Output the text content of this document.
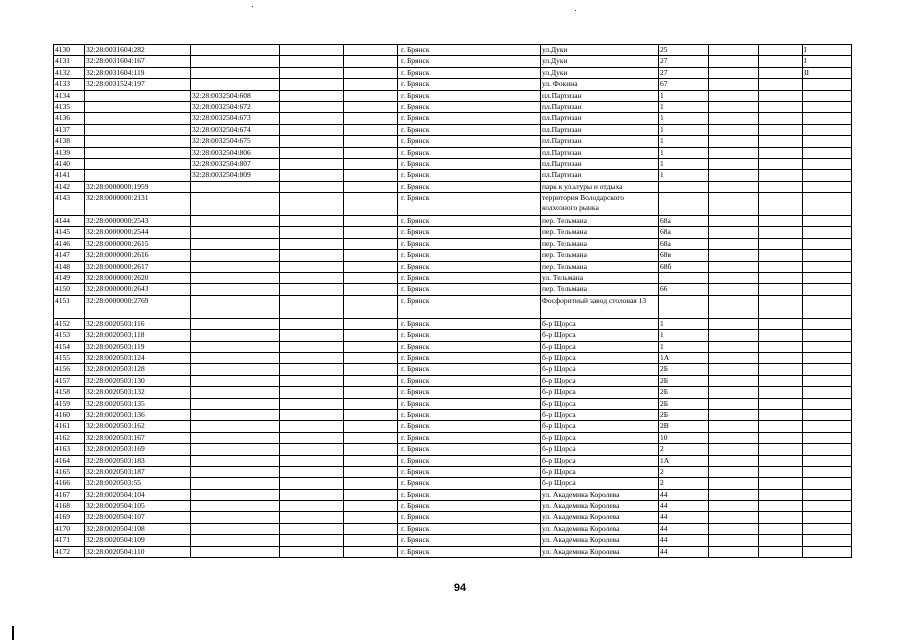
4130	32:28:0031604:282				г. Брянск	ул.Дуки	25			I
4131	32:28:0031604:167				г. Брянск	ул.Дуки	27			I
4132	32:28:0031604:119				г. Брянск	ул.Дуки	27			II
4133	32:28:0031524:197				г. Брянск	ул. Фокина	67			
4134		32:28:0032504:608			г. Брянск	пл.Партизан	1			
4135		32:28:0032504:672			г. Брянск	пл.Партизан	1			
4136		32:28:0032504:673			г. Брянск	пл.Партизан	1			
4137		32:28:0032504:674			г. Брянск	пл.Партизан	1			
4138		32:28:0032504:675			г. Брянск	пл.Партизан	1			
4139		32:28:0032504:806			г. Брянск	пл.Партизан	1			
4140		32:28:0032504:807			г. Брянск	пл.Партизан	1			
4141		32:28:0032504:809			г. Брянск	пл.Партизан	1			
4142	32:28:0000000:1959				г. Брянск	парк к ул.ьтуры и отдыха				
4143	32:28:0000000:2131				г. Брянск	территория Володарского колхозного рынка				
4144	32:28:0000000:2543				г. Брянск	пер. Тельмана	68а			
4145	32:28:0000000:2544				г. Брянск	пер. Тельмана	68а			
4146	32:28:0000000:2615				г. Брянск	пер. Тельмана	68а			
4147	32:28:0000000:2616				г. Брянск	пер. Тельмана	68в			
4148	32:28:0000000:2617				г. Брянск	пер. Тельмана	68б			
4149	32:28:0000000:2620				г. Брянск	ул. Тельмана				
4150	32:28:0000000:2643				г. Брянск	пер. Тельмана	66			
4151	32:28:0000000:2769				г. Брянск	Фосфоритный завод столовая 13				
4152	32:28:0020503:116				г. Брянск	б-р Щорса	1			
4153	32:28:0020503:118				г. Брянск	б-р Щорса	1			
4154	32:28:0020503:119				г. Брянск	б-р Щорса	1			
4155	32:28:0020503:124				г. Брянск	б-р Щорса	1А			
4156	32:28:0020503:128				г. Брянск	б-р Щорса	2Б			
4157	32:28:0020503:130				г. Брянск	б-р Щорса	2Б			
4158	32:28:0020503:132				г. Брянск	б-р Щорса	2Б			
4159	32:28:0020503:135				г. Брянск	б-р Щорса	2Б			
4160	32:28:0020503:136				г. Брянск	б-р Щорса	2Б			
4161	32:28:0020503:162				г. Брянск	б-р Щорса	2В			
4162	32:28:0020503:167				г. Брянск	б-р Щорса	10			
4163	32:28:0020503:169				г. Брянск	б-р Щорса	2			
4164	32:28:0020503:183				г. Брянск	б-р Щорса	1А			
4165	32:28:0020503:187				г. Брянск	б-р Щорса	2			
4166	32:28:0020503:55				г. Брянск	б-р Щорса	2			
4167	32:28:0020504:104				г. Брянск	ул. Академика Королева	44			
4168	32:28:0020504:105				г. Брянск	ул. Академика Королева	44			
4169	32:28:0020504:107				г. Брянск	ул. Академика Королева	44			
4170	32:28:0020504:108				г. Брянск	ул. Академика Королева	44			
4171	32:28:0020504:109				г. Брянск	ул. Академика Королева	44			
4172	32:28:0020504:110				г. Брянск	ул. Академика Королева	44			
94
